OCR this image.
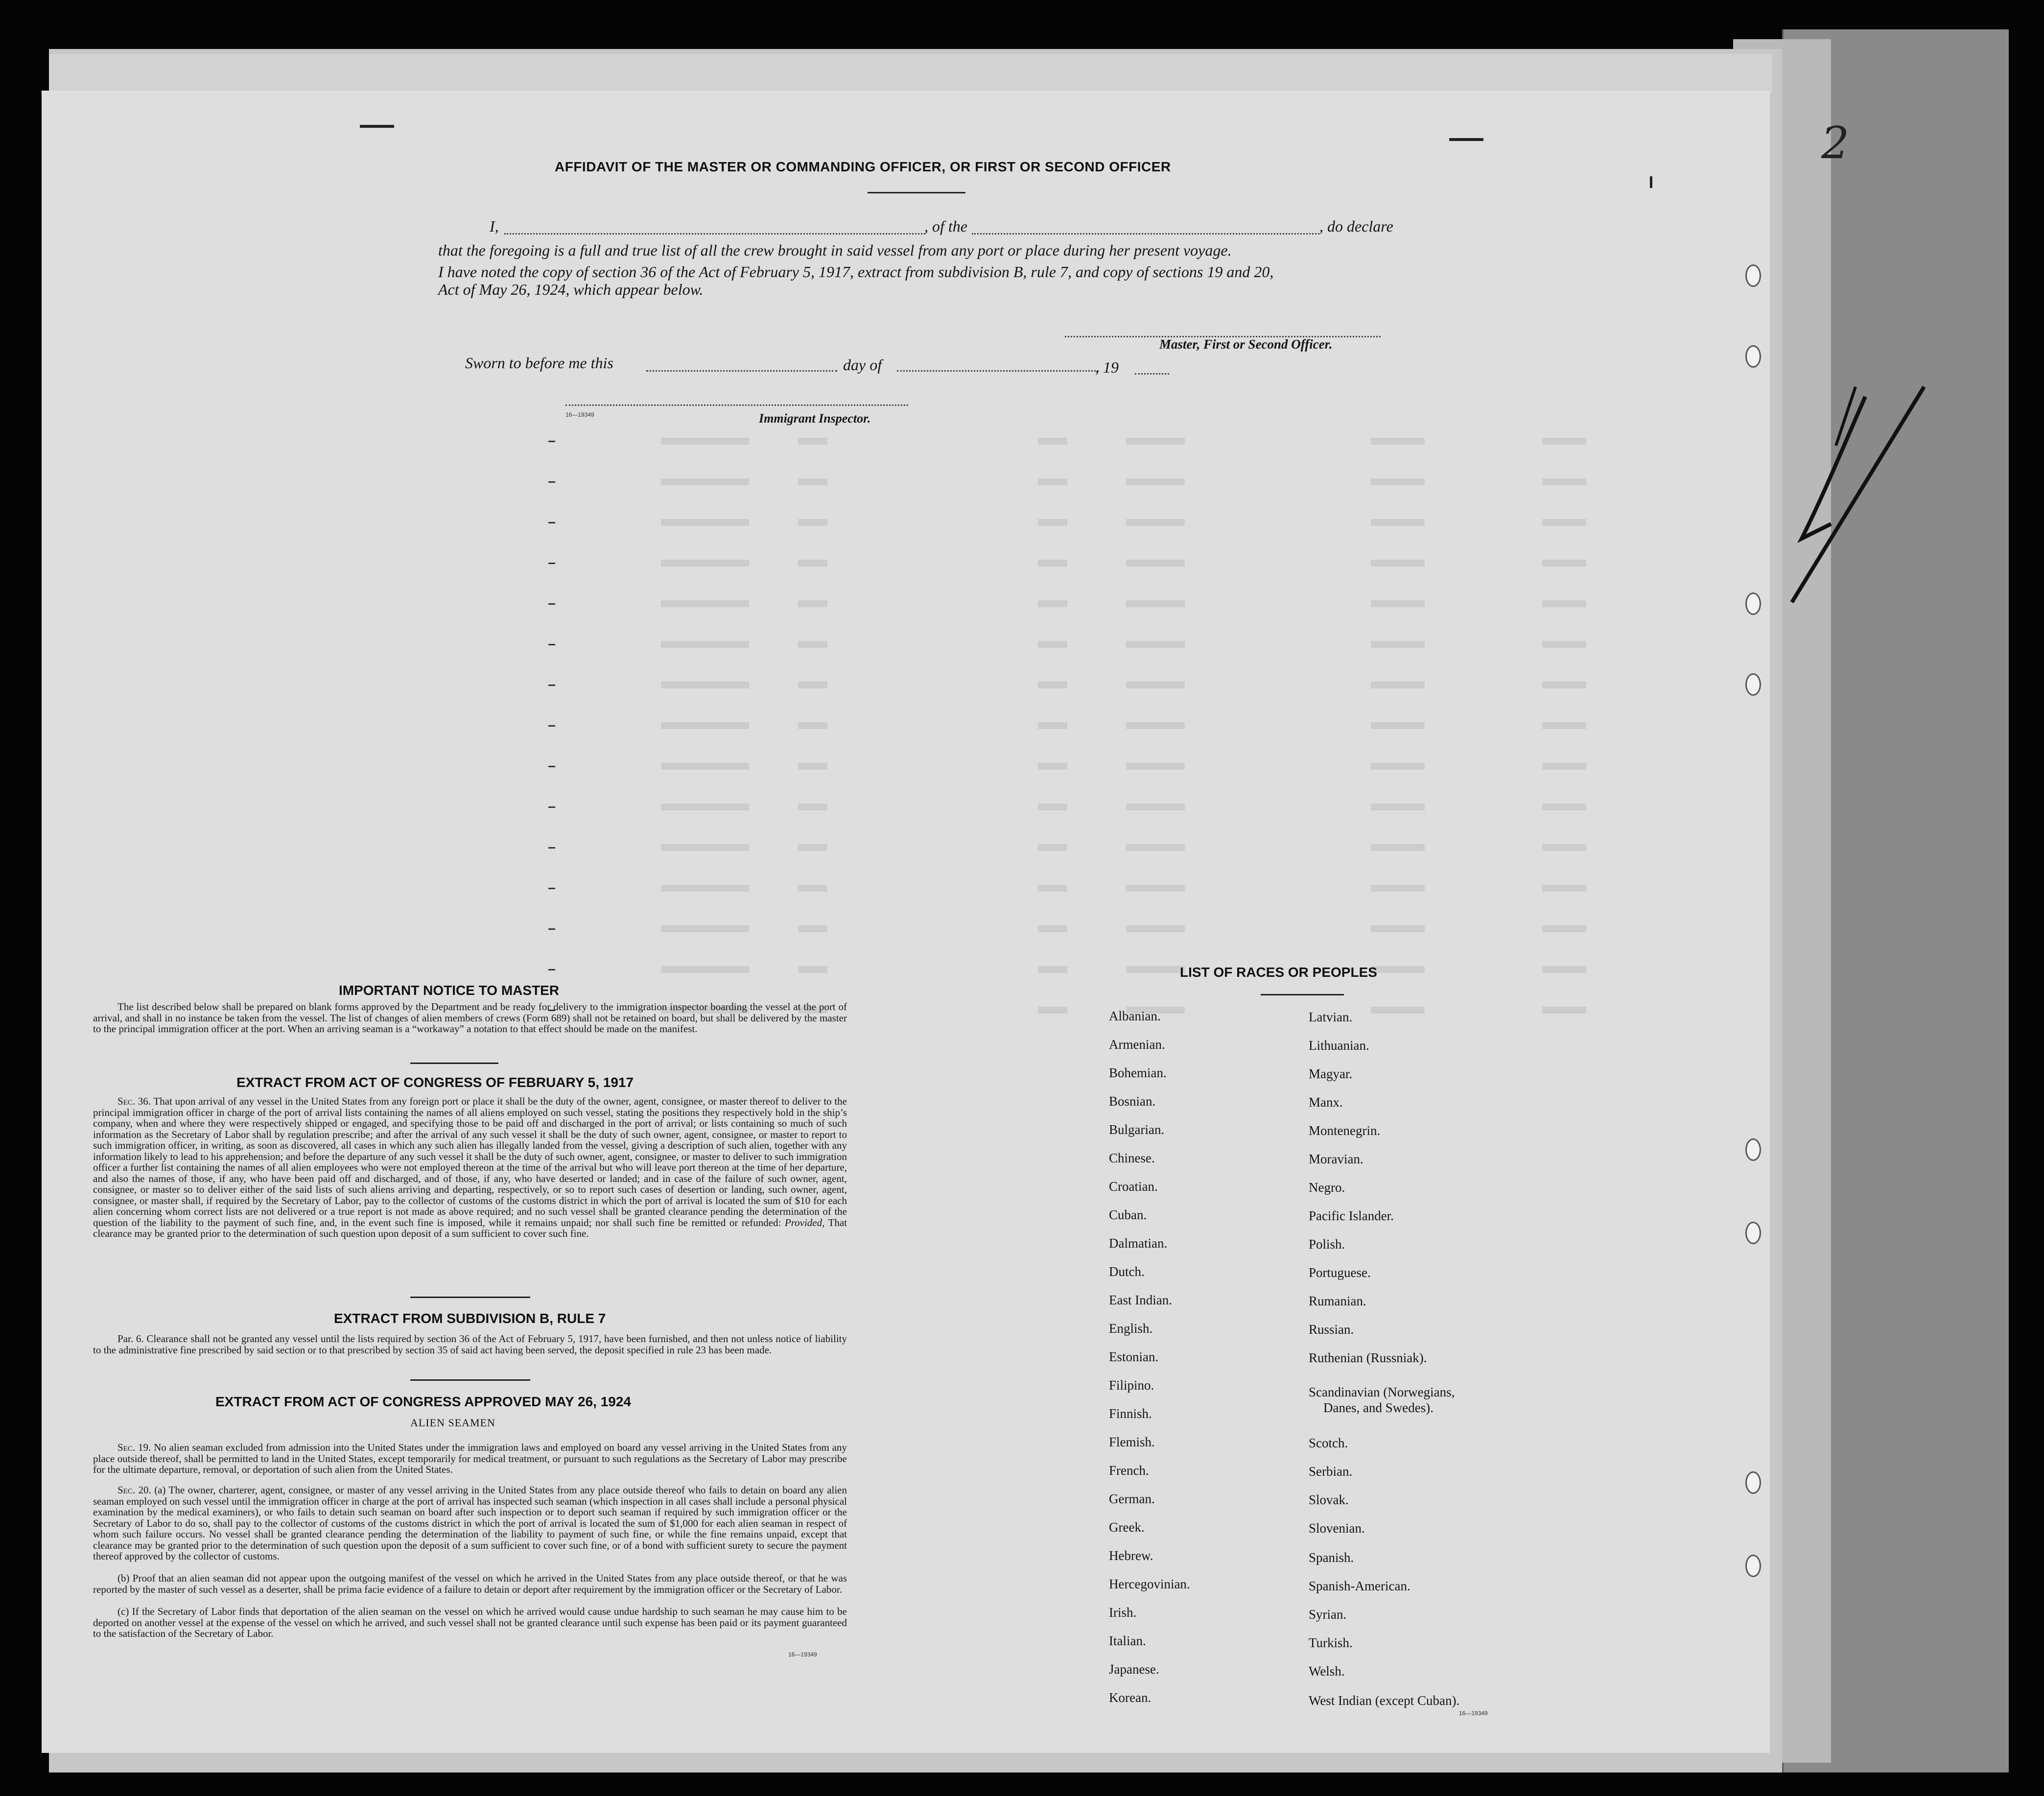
2
AFFIDAVIT OF THE MASTER OR COMMANDING OFFICER, OR FIRST OR SECOND OFFICER
I,	, of the	, do declare
that the foregoing is a full and true list of all the crew brought in said vessel from any port or place during her present voyage.
I have noted the copy of section 36 of the Act of February 5, 1917, extract from subdivision B, rule 7, and copy of sections 19 and 20,
Act of May 26, 1924, which appear below.
Master, First or Second Officer.
Sworn to before me this	day of	, 19
16—19349	Immigrant Inspector.
IMPORTANT NOTICE TO MASTER
The list described below shall be prepared on blank forms approved by the Department and be ready for delivery to the immigration inspector boarding the vessel at the port of arrival, and shall in no instance be taken from the vessel. The list of changes of alien members of crews (Form 689) shall not be retained on board, but shall be delivered by the master to the principal immigration officer at the port. When an arriving seaman is a “workaway” a notation to that effect should be made on the manifest.
EXTRACT FROM ACT OF CONGRESS OF FEBRUARY 5, 1917
Sec. 36. That upon arrival of any vessel in the United States from any foreign port or place it shall be the duty of the owner, agent, consignee, or master thereof to deliver to the principal immigration officer in charge of the port of arrival lists containing the names of all aliens employed on such vessel, stating the positions they respectively hold in the ship’s company, when and where they were respectively shipped or engaged, and specifying those to be paid off and discharged in the port of arrival; or lists containing so much of such information as the Secretary of Labor shall by regulation prescribe; and after the arrival of any such vessel it shall be the duty of such owner, agent, consignee, or master to report to such immigration officer, in writing, as soon as discovered, all cases in which any such alien has illegally landed from the vessel, giving a description of such alien, together with any information likely to lead to his apprehension; and before the departure of any such vessel it shall be the duty of such owner, agent, consignee, or master to deliver to such immigration officer a further list containing the names of all alien employees who were not employed thereon at the time of the arrival but who will leave port thereon at the time of her departure, and also the names of those, if any, who have been paid off and discharged, and of those, if any, who have deserted or landed; and in case of the failure of such owner, agent, consignee, or master so to deliver either of the said lists of such aliens arriving and departing, respectively, or so to report such cases of desertion or landing, such owner, agent, consignee, or master shall, if required by the Secretary of Labor, pay to the collector of customs of the customs district in which the port of arrival is located the sum of $10 for each alien concerning whom correct lists are not delivered or a true report is not made as above required; and no such vessel shall be granted clearance pending the determination of the question of the liability to the payment of such fine, and, in the event such fine is imposed, while it remains unpaid; nor shall such fine be remitted or refunded: Provided, That clearance may be granted prior to the determination of such question upon deposit of a sum sufficient to cover such fine.
EXTRACT FROM SUBDIVISION B, RULE 7
Par. 6. Clearance shall not be granted any vessel until the lists required by section 36 of the Act of February 5, 1917, have been furnished, and then not unless notice of liability to the administrative fine prescribed by said section or to that prescribed by section 35 of said act having been served, the deposit specified in rule 23 has been made.
EXTRACT FROM ACT OF CONGRESS APPROVED MAY 26, 1924
ALIEN SEAMEN
Sec. 19. No alien seaman excluded from admission into the United States under the immigration laws and employed on board any vessel arriving in the United States from any place outside thereof, shall be permitted to land in the United States, except temporarily for medical treatment, or pursuant to such regulations as the Secretary of Labor may prescribe for the ultimate departure, removal, or deportation of such alien from the United States.
Sec. 20. (a) The owner, charterer, agent, consignee, or master of any vessel arriving in the United States from any place outside thereof who fails to detain on board any alien seaman employed on such vessel until the immigration officer in charge at the port of arrival has inspected such seaman (which inspection in all cases shall include a personal physical examination by the medical examiners), or who fails to detain such seaman on board after such inspection or to deport such seaman if required by such immigration officer or the Secretary of Labor to do so, shall pay to the collector of customs of the customs district in which the port of arrival is located the sum of $1,000 for each alien seaman in respect of whom such failure occurs. No vessel shall be granted clearance pending the determination of the liability to payment of such fine, or while the fine remains unpaid, except that clearance may be granted prior to the determination of such question upon the deposit of a sum sufficient to cover such fine, or of a bond with sufficient surety to secure the payment thereof approved by the collector of customs.
(b) Proof that an alien seaman did not appear upon the outgoing manifest of the vessel on which he arrived in the United States from any place outside thereof, or that he was reported by the master of such vessel as a deserter, shall be prima facie evidence of a failure to detain or deport after requirement by the immigration officer or the Secretary of Labor.
(c) If the Secretary of Labor finds that deportation of the alien seaman on the vessel on which he arrived would cause undue hardship to such seaman he may cause him to be deported on another vessel at the expense of the vessel on which he arrived, and such vessel shall not be granted clearance until such expense has been paid or its payment guaranteed to the satisfaction of the Secretary of Labor.
16—19349
LIST OF RACES OR PEOPLES
Albanian.
Armenian.
Bohemian.
Bosnian.
Bulgarian.
Chinese.
Croatian.
Cuban.
Dalmatian.
Dutch.
East Indian.
English.
Estonian.
Filipino.
Finnish.
Flemish.
French.
German.
Greek.
Hebrew.
Hercegovinian.
Irish.
Italian.
Japanese.
Korean.
Latvian.
Lithuanian.
Magyar.
Manx.
Montenegrin.
Moravian.
Negro.
Pacific Islander.
Polish.
Portuguese.
Rumanian.
Russian.
Ruthenian (Russniak).
Scandinavian (Norwegians,
Danes, and Swedes).
Scotch.
Serbian.
Slovak.
Slovenian.
Spanish.
Spanish-American.
Syrian.
Turkish.
Welsh.
West Indian (except Cuban).
16—19349
